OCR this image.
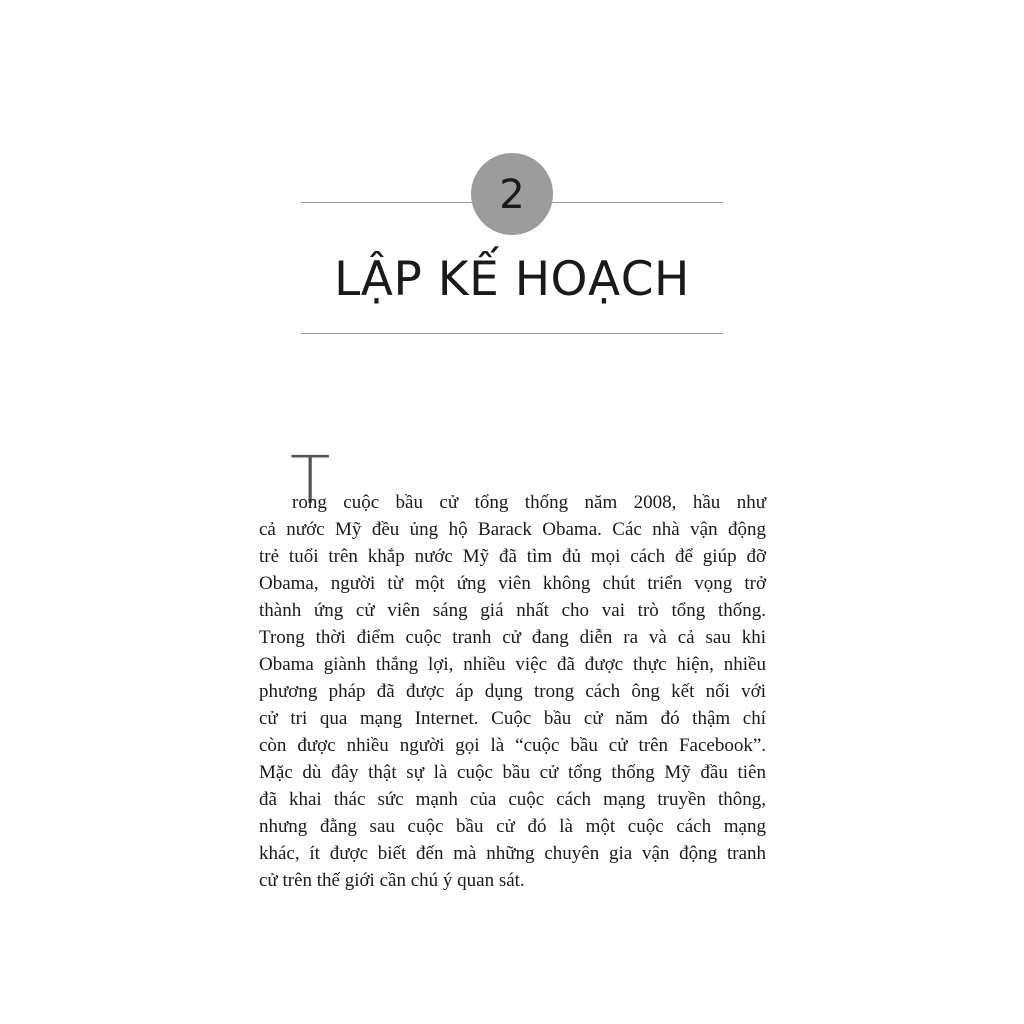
2
LẬP KẾ HOẠCH
T

rong cuộc bầu cử tổng thống năm 2008, hầu như
cả nước Mỹ đều ủng hộ Barack Obama. Các nhà vận động
trẻ tuổi trên khắp nước Mỹ đã tìm đủ mọi cách để giúp đỡ
Obama, người từ một ứng viên không chút triển vọng trở
thành ứng cử viên sáng giá nhất cho vai trò tổng thống.
Trong thời điểm cuộc tranh cử đang diễn ra và cả sau khi
Obama giành thắng lợi, nhiều việc đã được thực hiện, nhiều
phương pháp đã được áp dụng trong cách ông kết nối với
cử tri qua mạng Internet. Cuộc bầu cử năm đó thậm chí
còn được nhiều người gọi là “cuộc bầu cử trên Facebook”.
Mặc dù đây thật sự là cuộc bầu cử tổng thống Mỹ đầu tiên
đã khai thác sức mạnh của cuộc cách mạng truyền thông,
nhưng đằng sau cuộc bầu cử đó là một cuộc cách mạng
khác, ít được biết đến mà những chuyên gia vận động tranh
cử trên thế giới cần chú ý quan sát.
